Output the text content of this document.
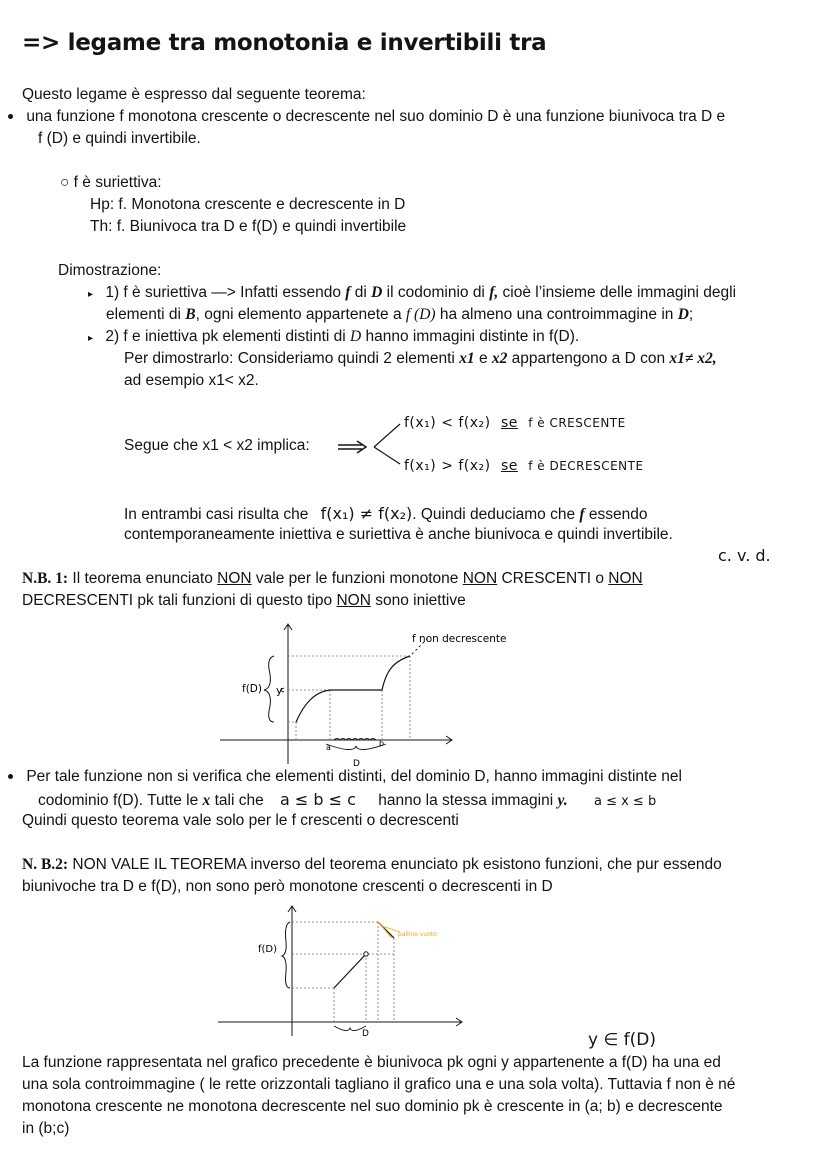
=> legame tra monotonia e invertibili tra
Questo legame è espresso dal seguente teorema:
una funzione f monotona crescente o decrescente nel suo dominio D è una funzione biunivoca tra D e
f (D) e quindi invertibile.
○ f è suriettiva:
Hp: f. Monotona crescente e decrescente in D
Th: f. Biunivoca tra D e f(D) e quindi invertibile
Dimostrazione:
▸ 1) f è suriettiva —> Infatti essendo f di D il codominio di f, cioè l’insieme delle immagini degli
elementi di B, ogni elemento appartenete a f (D) ha almeno una controimmagine in D;
▸ 2) f e iniettiva pk elementi distinti di D hanno immagini distinte in f(D).
Per dimostrarlo: Consideriamo quindi 2 elementi x1 e x2 appartengono a D con x1≠ x2,
ad esempio x1< x2.
Segue che x1 < x2 implica:
f(x₁) < f(x₂) se f è CRESCENTE
f(x₁) > f(x₂) se f è DECRESCENTE
In entrambi casi risulta che f(x₁) ≠ f(x₂). Quindi deduciamo che f essendo
contemporaneamente iniettiva e suriettiva è anche biunivoca e quindi invertibile.
c. v. d.
N.B. 1: Il teorema enunciato NON vale per le funzioni monotone NON CRESCENTI o NON
DECRESCENTI pk tali funzioni di questo tipo NON sono iniettive
f non decrescente
f(D) y
a	b
D
Per tale funzione non si verifica che elementi distinti, del dominio D, hanno immagini distinte nel
codominio f(D). Tutte le x tali che a ≤ b ≤ c hanno la stessa immagini y. a ≤ x ≤ b
Quindi questo teorema vale solo per le f crescenti o decrescenti
N. B.2: NON VALE IL TEOREMA inverso del teorema enunciato pk esistono funzioni, che pur essendo
biunivoche tra D e f(D), non sono però monotone crescenti o decrescenti in D
pallino vuoto
f(D)
D	y ∈ f(D)
La funzione rappresentata nel grafico precedente è biunivoca pk ogni y appartenente a f(D) ha una ed
una sola controimmagine ( le rette orizzontali tagliano il grafico una e una sola volta). Tuttavia f non è né
monotona crescente ne monotona decrescente nel suo dominio pk è crescente in (a; b) e decrescente
in (b;c)
